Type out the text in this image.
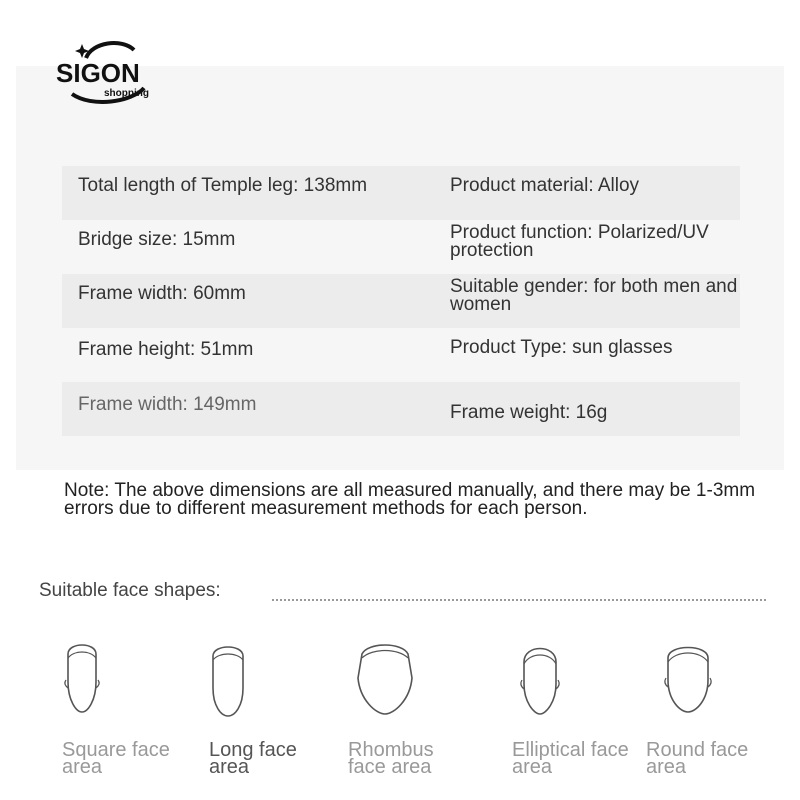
SIGON
shopping
Total length of Temple leg: 138mm	Product material: Alloy
Bridge size: 15mm	Product function: Polarized/UV protection
Frame width: 60mm	Suitable gender: for both men and women
Frame height: 51mm	Product Type: sun glasses
Frame width: 149mm	Frame weight: 16g
Note: The above dimensions are all measured manually, and there may be 1-3mm errors due to different measurement methods for each person.
Suitable face shapes:
Square face area
Long face area
Rhombus face area
Elliptical face area
Round face area
